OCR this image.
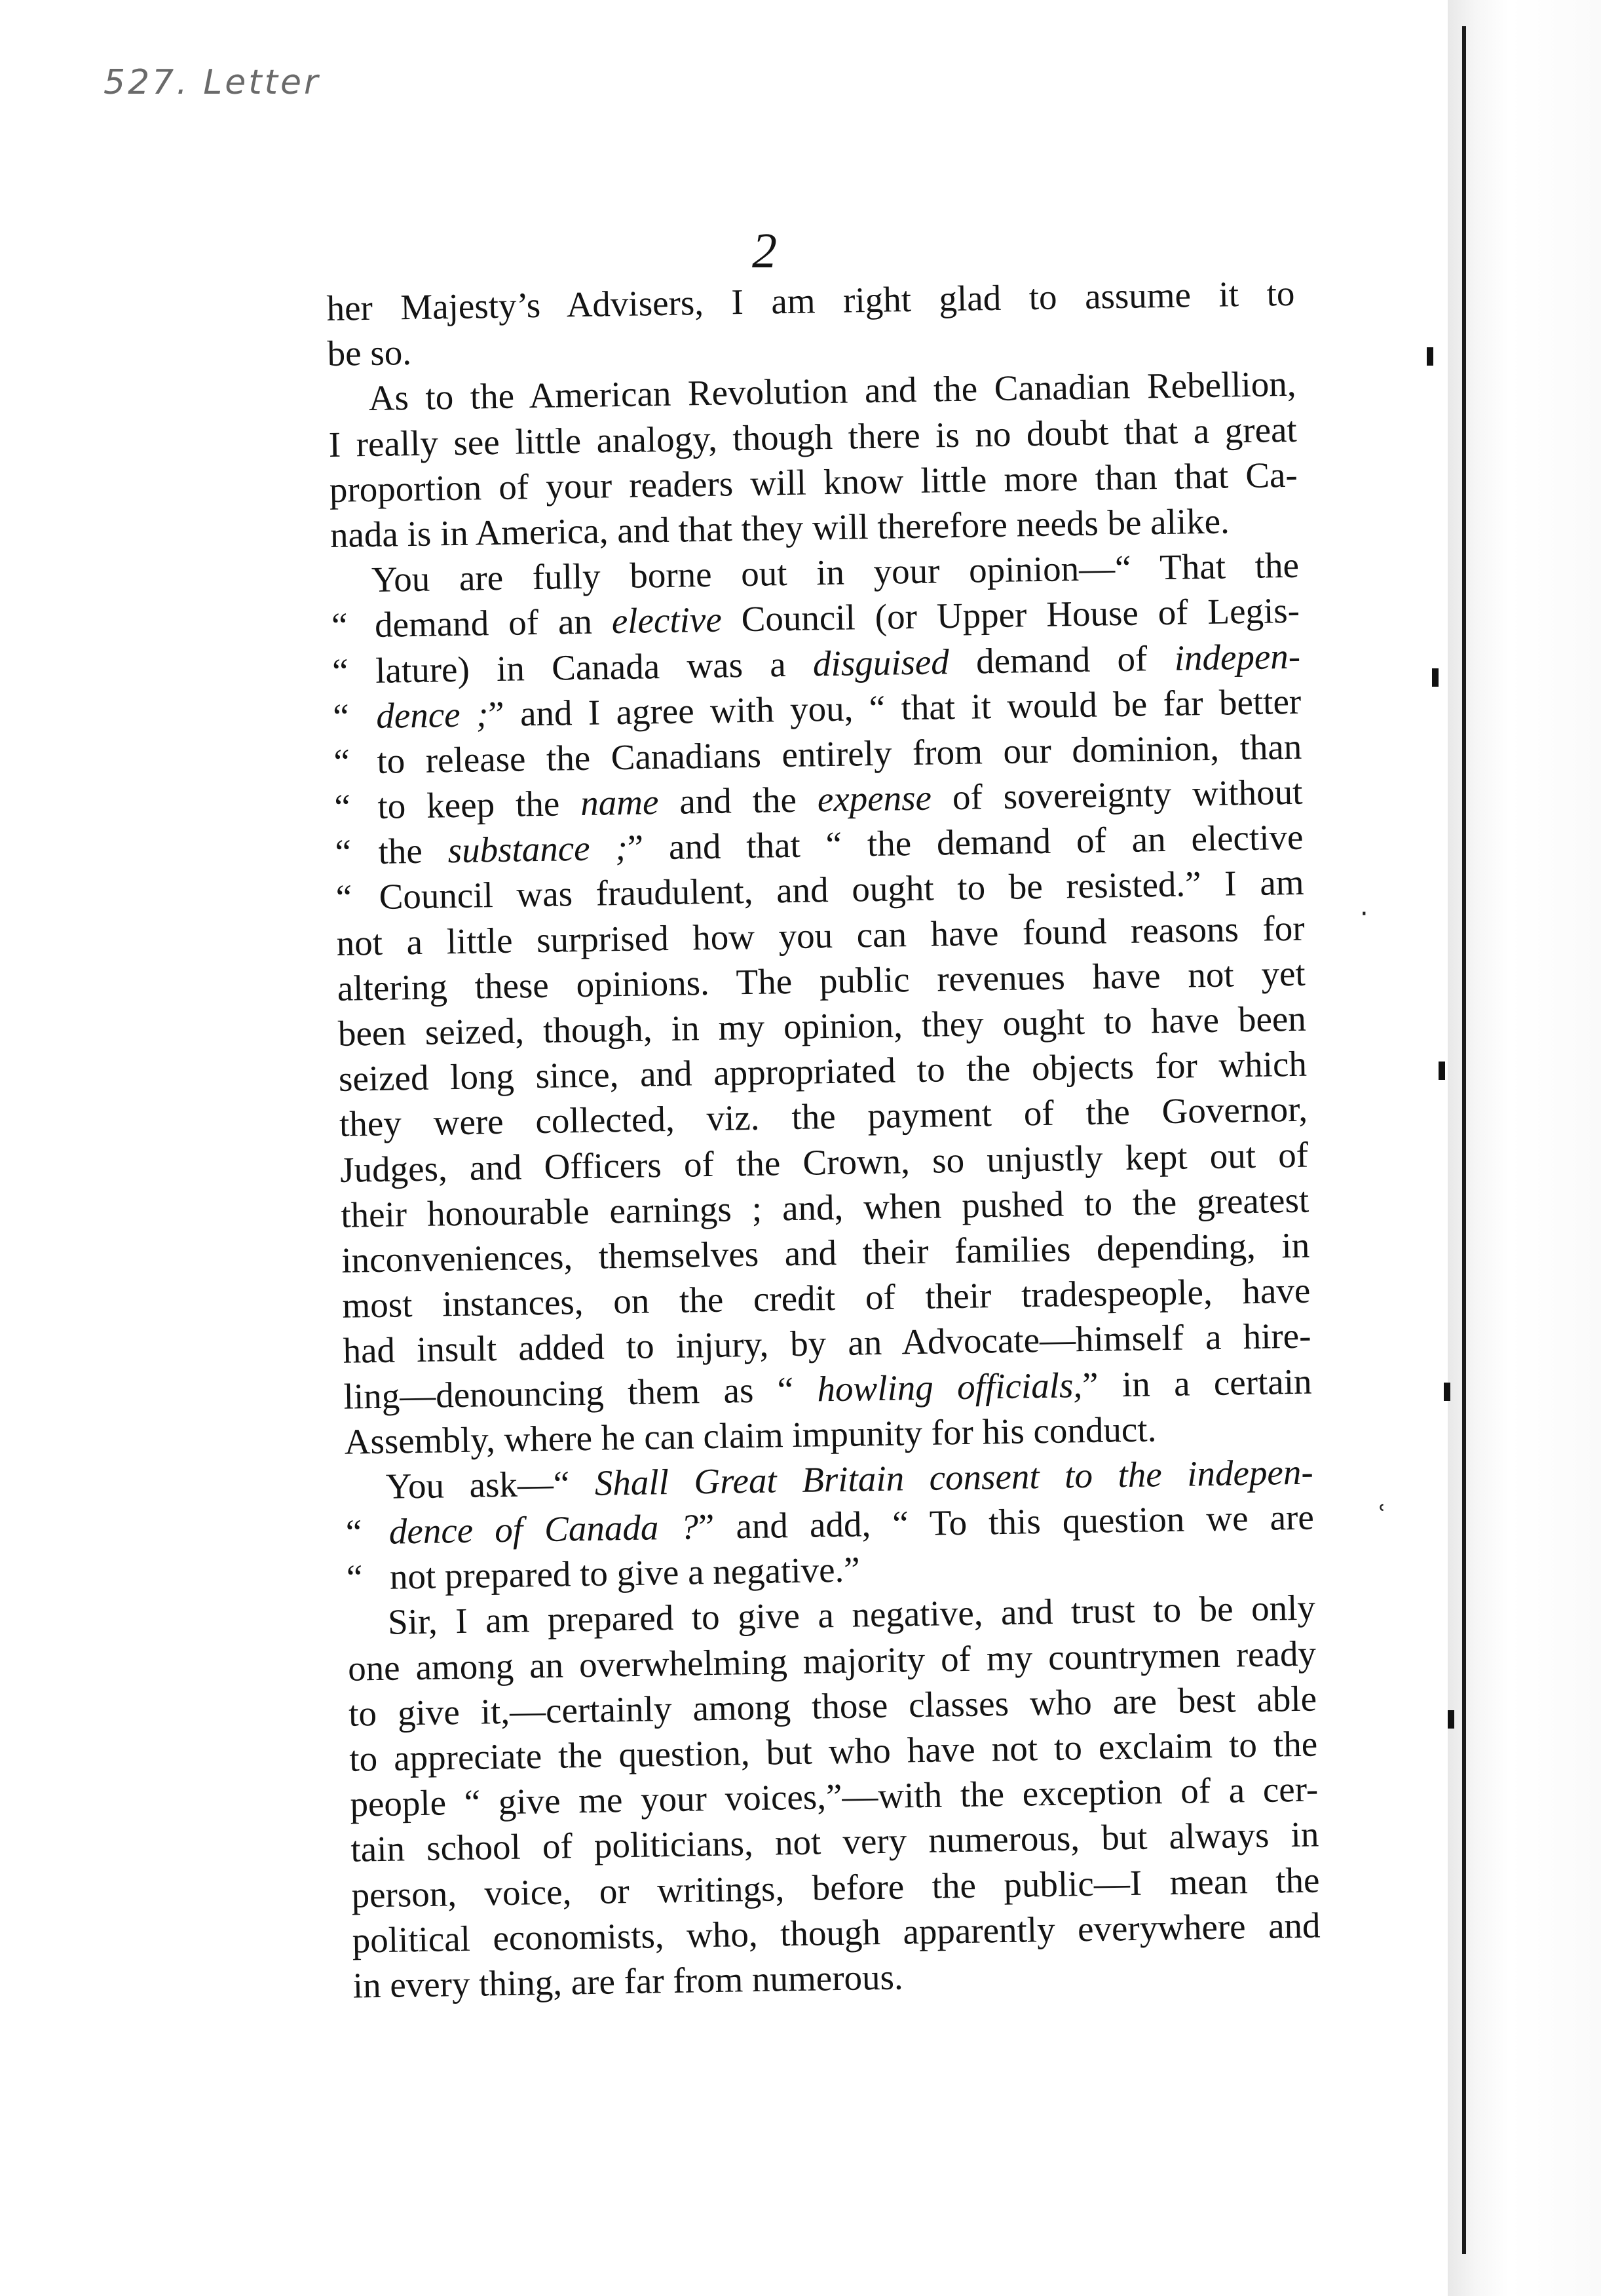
527. Letter
2
her Majesty’s Advisers, I am right glad to assume it to
be so.
As to the American Revolution and the Canadian Rebellion,
I really see little analogy, though there is no doubt that a great
proportion of your readers will know little more than that Ca-
nada is in America, and that they will therefore needs be alike.
You are fully borne out in your opinion—“ That the
“ demand of an elective Council (or Upper House of Legis-
“ lature) in Canada was a disguised demand of indepen-
“ dence ;” and I agree with you, “ that it would be far better
“ to release the Canadians entirely from our dominion, than
“ to keep the name and the expense of sovereignty without
“ the substance ;” and that “ the demand of an elective
“ Council was fraudulent, and ought to be resisted.” I am
not a little surprised how you can have found reasons for
altering these opinions. The public revenues have not yet
been seized, though, in my opinion, they ought to have been
seized long since, and appropriated to the objects for which
they were collected, viz. the payment of the Governor,
Judges, and Officers of the Crown, so unjustly kept out of
their honourable earnings ; and, when pushed to the greatest
inconveniences, themselves and their families depending, in
most instances, on the credit of their tradespeople, have
had insult added to injury, by an Advocate—himself a hire-
ling—denouncing them as “ howling officials,” in a certain
Assembly, where he can claim impunity for his conduct.
You ask—“ Shall Great Britain consent to the indepen-
“ dence of Canada ?” and add, “ To this question we are
“ not prepared to give a negative.”
Sir, I am prepared to give a negative, and trust to be only
one among an overwhelming majority of my countrymen ready
to give it,—certainly among those classes who are best able
to appreciate the question, but who have not to exclaim to the
people “ give me your voices,”—with the exception of a cer-
tain school of politicians, not very numerous, but always in
person, voice, or writings, before the public—I mean the
political economists, who, though apparently everywhere and
in every thing, are far from numerous.
·
ʿ
